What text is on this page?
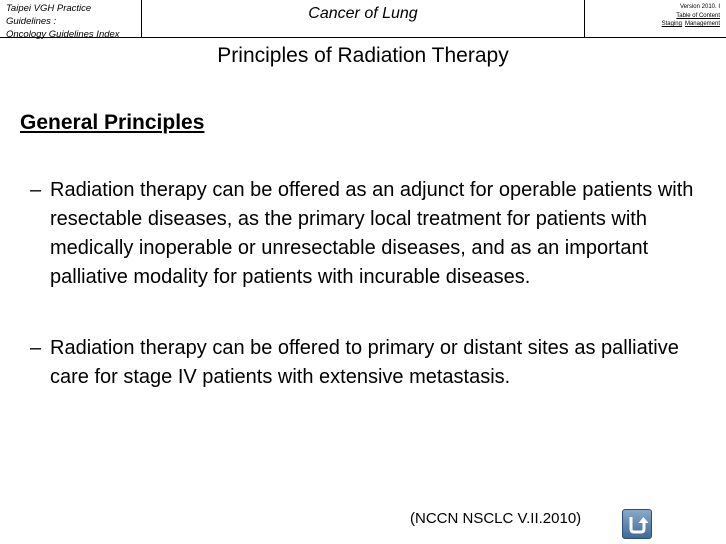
Taipei VGH Practice
Guidelines :
Oncology Guidelines Index
Cancer of Lung	Version 2010. I
Table of Content
Staging Management
Principles of Radiation Therapy
General Principles
– Radiation therapy can be offered as an adjunct for operable patients with resectable diseases, as the primary local treatment for patients with medically inoperable or unresectable diseases, and as an important palliative modality for patients with incurable diseases.
– Radiation therapy can be offered to primary or distant sites as palliative care for stage IV patients with extensive metastasis.
(NCCN NSCLC V.II.2010)
